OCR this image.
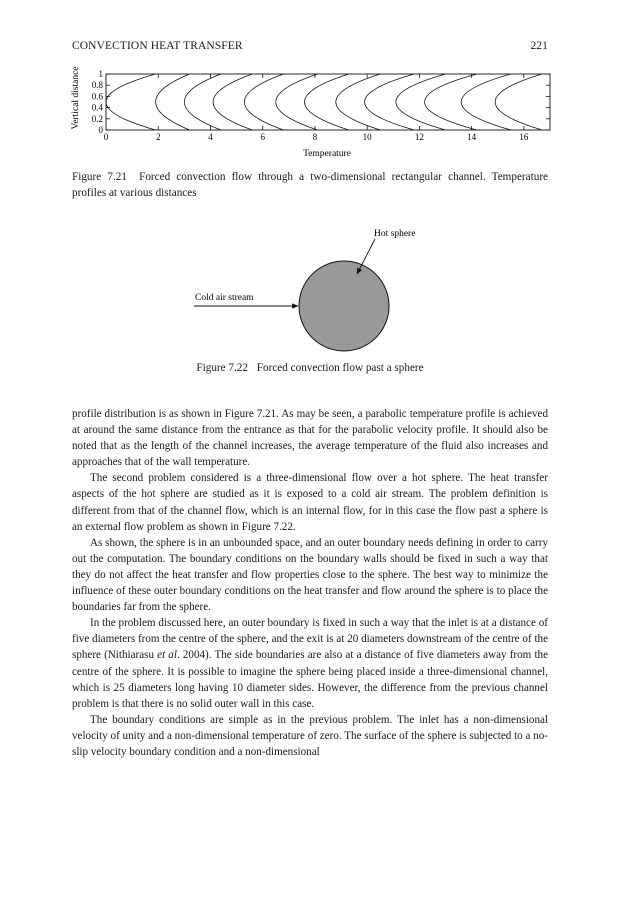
CONVECTION HEAT TRANSFER	221
0	2	4	6	8	10	12	14	16
0
0.2
0.4
0.6
0.8
1
Vertical distance
Temperature
Figure 7.21 Forced convection flow through a two-dimensional rectangular channel. Temperature profiles at various distances
Hot sphere
Cold air stream
Figure 7.22 Forced convection flow past a sphere

profile distribution is as shown in Figure 7.21. As may be seen, a parabolic temperature profile is achieved at around the same distance from the entrance as that for the parabolic velocity profile. It should also be noted that as the length of the channel increases, the average temperature of the fluid also increases and approaches that of the wall temperature.

The second problem considered is a three-dimensional flow over a hot sphere. The heat transfer aspects of the hot sphere are studied as it is exposed to a cold air stream. The problem definition is different from that of the channel flow, which is an internal flow, for in this case the flow past a sphere is an external flow problem as shown in Figure 7.22.

As shown, the sphere is in an unbounded space, and an outer boundary needs defining in order to carry out the computation. The boundary conditions on the boundary walls should be fixed in such a way that they do not affect the heat transfer and flow properties close to the sphere. The best way to minimize the influence of these outer boundary conditions on the heat transfer and flow around the sphere is to place the boundaries far from the sphere.

In the problem discussed here, an outer boundary is fixed in such a way that the inlet is at a distance of five diameters from the centre of the sphere, and the exit is at 20 diameters downstream of the centre of the sphere (Nithiarasu et al. 2004). The side boundaries are also at a distance of five diameters away from the centre of the sphere. It is possible to imagine the sphere being placed inside a three-dimensional channel, which is 25 diameters long having 10 diameter sides. However, the difference from the previous channel problem is that there is no solid outer wall in this case.

The boundary conditions are simple as in the previous problem. The inlet has a non-dimensional velocity of unity and a non-dimensional temperature of zero. The surface of the sphere is subjected to a no-slip velocity boundary condition and a non-dimensional
